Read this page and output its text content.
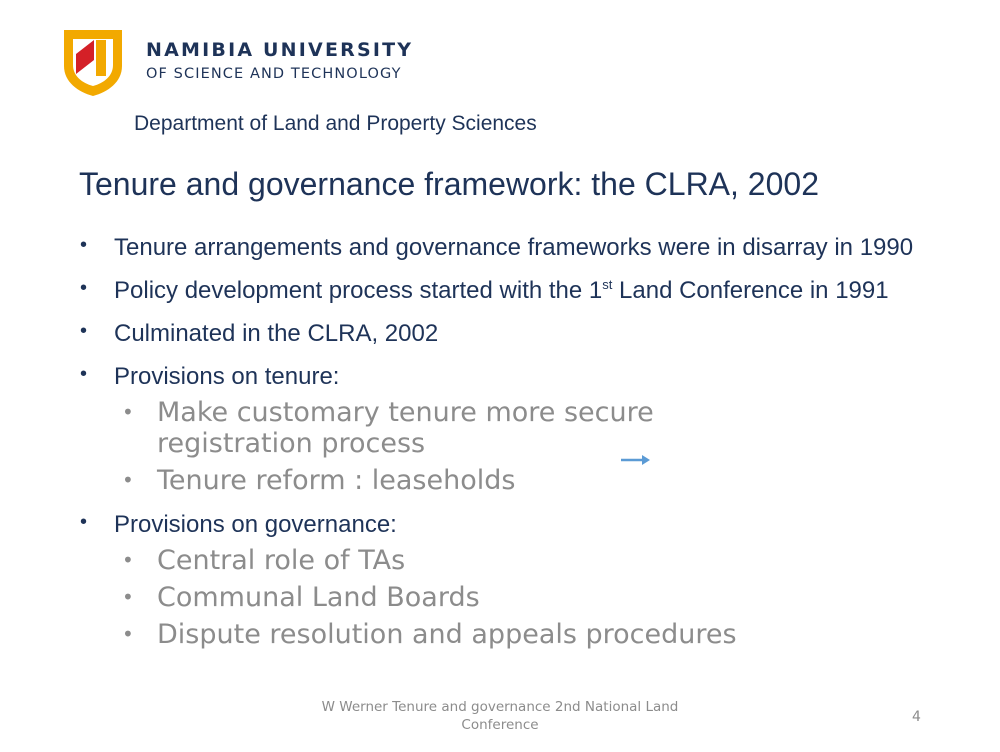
NAMIBIA UNIVERSITY
OF SCIENCE AND TECHNOLOGY
Department of Land and Property Sciences
Tenure and governance framework: the CLRA, 2002
• Tenure arrangements and governance frameworks were in disarray in 1990
• Policy development process started with the 1st Land Conference in 1991
• Culminated in the CLRA, 2002
• Provisions on tenure:
• Make customary tenure more secure
registration process
• Tenure reform : leaseholds
• Provisions on governance:
• Central role of TAs
• Communal Land Boards
• Dispute resolution and appeals procedures
W Werner Tenure and governance 2nd National Land
Conference	4
